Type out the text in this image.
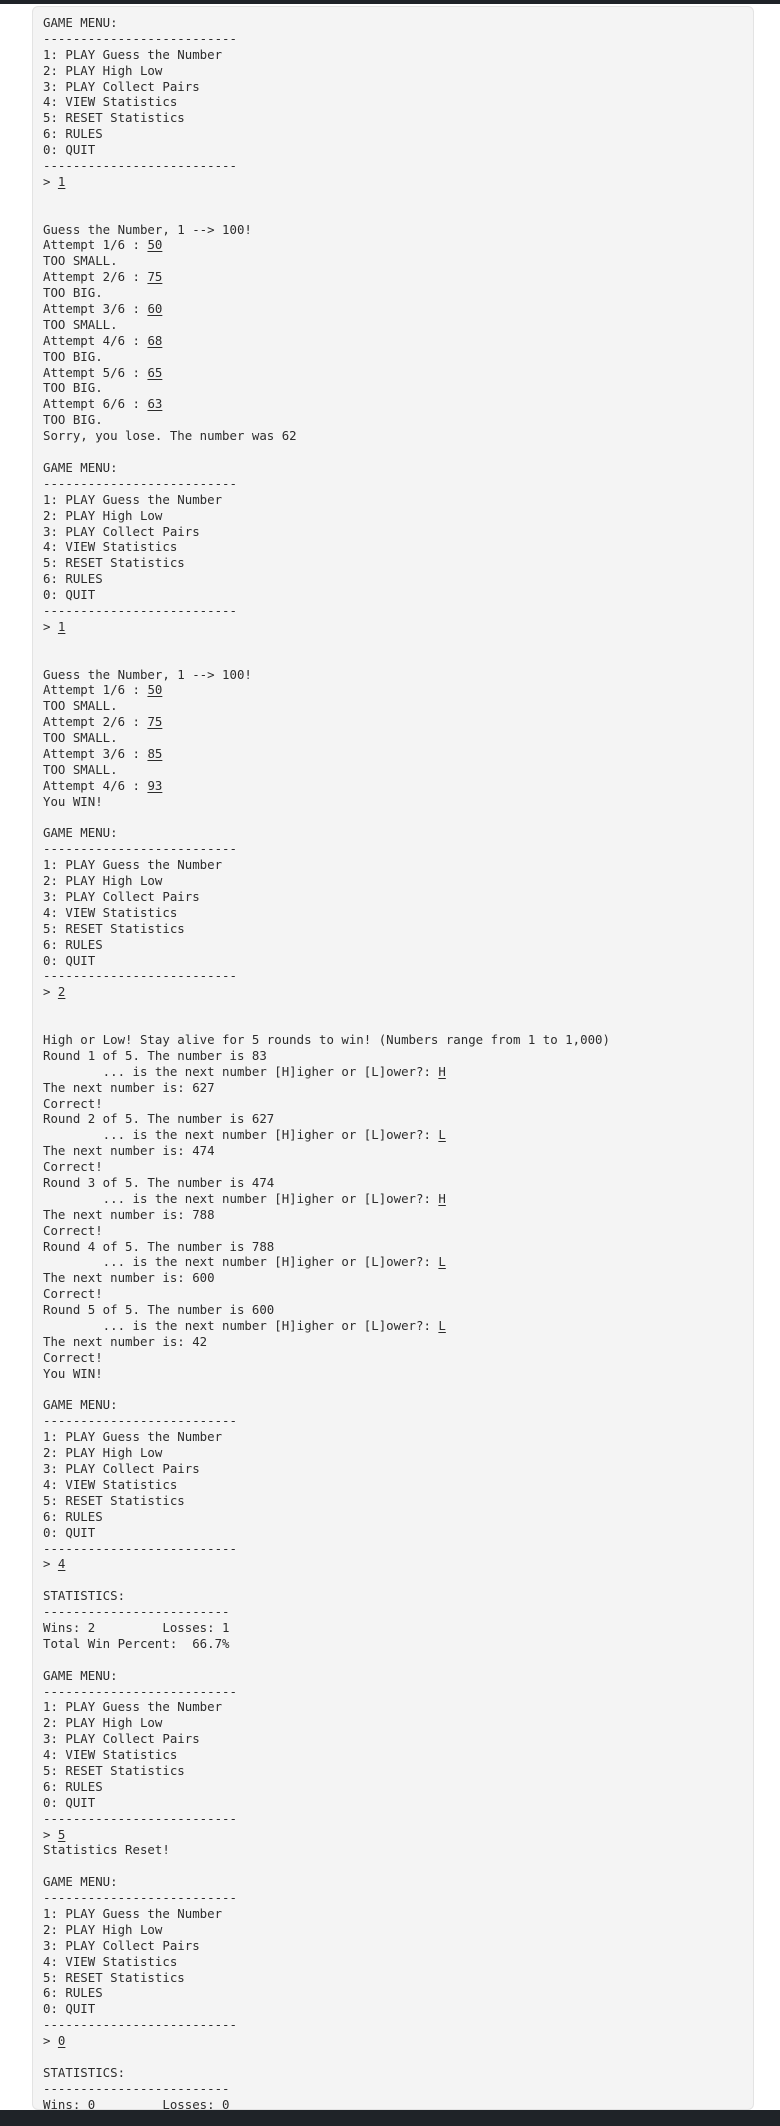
GAME MENU:
--------------------------
1: PLAY Guess the Number
2: PLAY High Low
3: PLAY Collect Pairs
4: VIEW Statistics
5: RESET Statistics
6: RULES
0: QUIT
--------------------------
> 1
Guess the Number, 1 --> 100!
Attempt 1/6 : 50
TOO SMALL.
Attempt 2/6 : 75
TOO BIG.
Attempt 3/6 : 60
TOO SMALL.
Attempt 4/6 : 68
TOO BIG.
Attempt 5/6 : 65
TOO BIG.
Attempt 6/6 : 63
TOO BIG.
Sorry, you lose. The number was 62
GAME MENU:
--------------------------
1: PLAY Guess the Number
2: PLAY High Low
3: PLAY Collect Pairs
4: VIEW Statistics
5: RESET Statistics
6: RULES
0: QUIT
--------------------------
> 1
Guess the Number, 1 --> 100!
Attempt 1/6 : 50
TOO SMALL.
Attempt 2/6 : 75
TOO SMALL.
Attempt 3/6 : 85
TOO SMALL.
Attempt 4/6 : 93
You WIN!
GAME MENU:
--------------------------
1: PLAY Guess the Number
2: PLAY High Low
3: PLAY Collect Pairs
4: VIEW Statistics
5: RESET Statistics
6: RULES
0: QUIT
--------------------------
> 2
High or Low! Stay alive for 5 rounds to win! (Numbers range from 1 to 1,000)
Round 1 of 5. The number is 83
... is the next number [H]igher or [L]ower?: H
The next number is: 627
Correct!
Round 2 of 5. The number is 627
... is the next number [H]igher or [L]ower?: L
The next number is: 474
Correct!
Round 3 of 5. The number is 474
... is the next number [H]igher or [L]ower?: H
The next number is: 788
Correct!
Round 4 of 5. The number is 788
... is the next number [H]igher or [L]ower?: L
The next number is: 600
Correct!
Round 5 of 5. The number is 600
... is the next number [H]igher or [L]ower?: L
The next number is: 42
Correct!
You WIN!
GAME MENU:
--------------------------
1: PLAY Guess the Number
2: PLAY High Low
3: PLAY Collect Pairs
4: VIEW Statistics
5: RESET Statistics
6: RULES
0: QUIT
--------------------------
> 4
STATISTICS:
-------------------------
Wins: 2         Losses: 1
Total Win Percent:  66.7%
GAME MENU:
--------------------------
1: PLAY Guess the Number
2: PLAY High Low
3: PLAY Collect Pairs
4: VIEW Statistics
5: RESET Statistics
6: RULES
0: QUIT
--------------------------
> 5
Statistics Reset!
GAME MENU:
--------------------------
1: PLAY Guess the Number
2: PLAY High Low
3: PLAY Collect Pairs
4: VIEW Statistics
5: RESET Statistics
6: RULES
0: QUIT
--------------------------
> 0
STATISTICS:
-------------------------
Wins: 0         Losses: 0
